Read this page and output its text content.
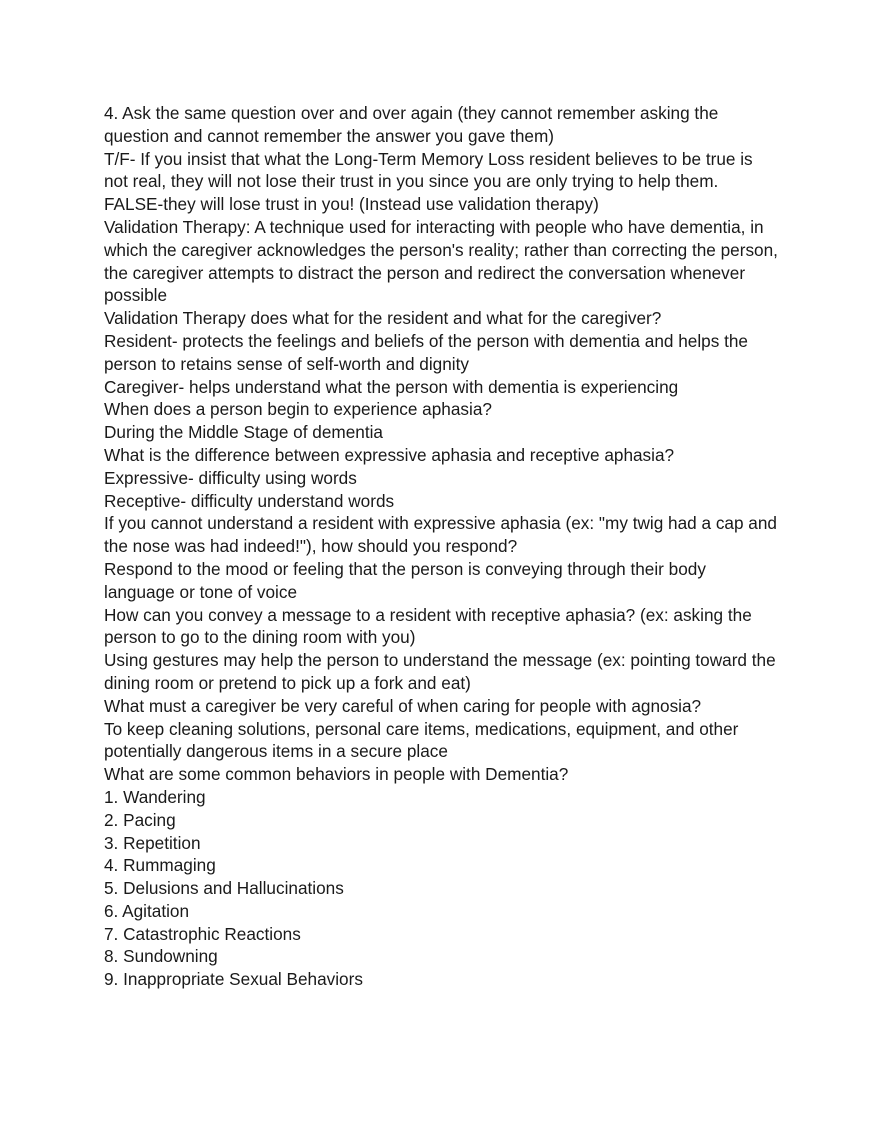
4. Ask the same question over and over again (they cannot remember asking the question and cannot remember the answer you gave them)

T/F- If you insist that what the Long-Term Memory Loss resident believes to be true is not real, they will not lose their trust in you since you are only trying to help them.

FALSE-they will lose trust in you! (Instead use validation therapy)

Validation Therapy: A technique used for interacting with people who have dementia, in which the caregiver acknowledges the person's reality; rather than correcting the person, the caregiver attempts to distract the person and redirect the conversation whenever possible

Validation Therapy does what for the resident and what for the caregiver?

Resident- protects the feelings and beliefs of the person with dementia and helps the person to retains sense of self-worth and dignity

Caregiver- helps understand what the person with dementia is experiencing

When does a person begin to experience aphasia?

During the Middle Stage of dementia

What is the difference between expressive aphasia and receptive aphasia?

Expressive- difficulty using words

Receptive- difficulty understand words

If you cannot understand a resident with expressive aphasia (ex: "my twig had a cap and the nose was had indeed!"), how should you respond?

Respond to the mood or feeling that the person is conveying through their body language or tone of voice

How can you convey a message to a resident with receptive aphasia? (ex: asking the person to go to the dining room with you)

Using gestures may help the person to understand the message (ex: pointing toward the dining room or pretend to pick up a fork and eat)

What must a caregiver be very careful of when caring for people with agnosia?

To keep cleaning solutions, personal care items, medications, equipment, and other potentially dangerous items in a secure place

What are some common behaviors in people with Dementia?

1. Wandering

2. Pacing

3. Repetition

4. Rummaging

5. Delusions and Hallucinations

6. Agitation

7. Catastrophic Reactions

8. Sundowning

9. Inappropriate Sexual Behaviors
